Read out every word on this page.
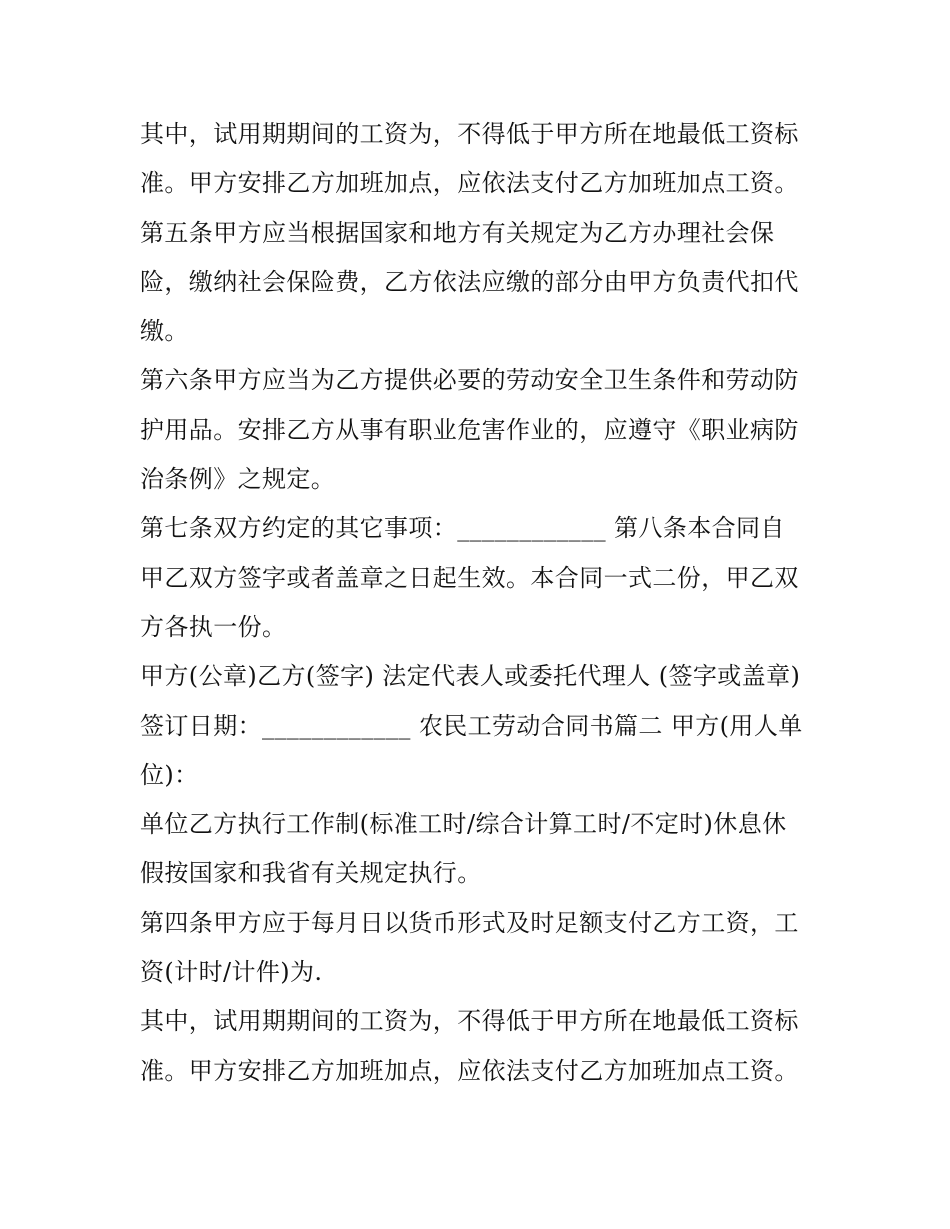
其中，试用期期间的工资为，不得低于甲方所在地最低工资标
准。甲方安排乙方加班加点，应依法支付乙方加班加点工资。
第五条甲方应当根据国家和地方有关规定为乙方办理社会保
险，缴纳社会保险费，乙方依法应缴的部分由甲方负责代扣代
缴。
第六条甲方应当为乙方提供必要的劳动安全卫生条件和劳动防
护用品。安排乙方从事有职业危害作业的，应遵守《职业病防
治条例》之规定。
第七条双方约定的其它事项：____________ 第八条本合同自
甲乙双方签字或者盖章之日起生效。本合同一式二份，甲乙双
方各执一份。
甲方(公章)乙方(签字) 法定代表人或委托代理人 (签字或盖章)
签订日期：____________ 农民工劳动合同书篇二 甲方(用人单
位)：
单位乙方执行工作制(标准工时/综合计算工时/不定时)休息休
假按国家和我省有关规定执行。
第四条甲方应于每月日以货币形式及时足额支付乙方工资，工
资(计时/计件)为.
其中，试用期期间的工资为，不得低于甲方所在地最低工资标
准。甲方安排乙方加班加点，应依法支付乙方加班加点工资。
